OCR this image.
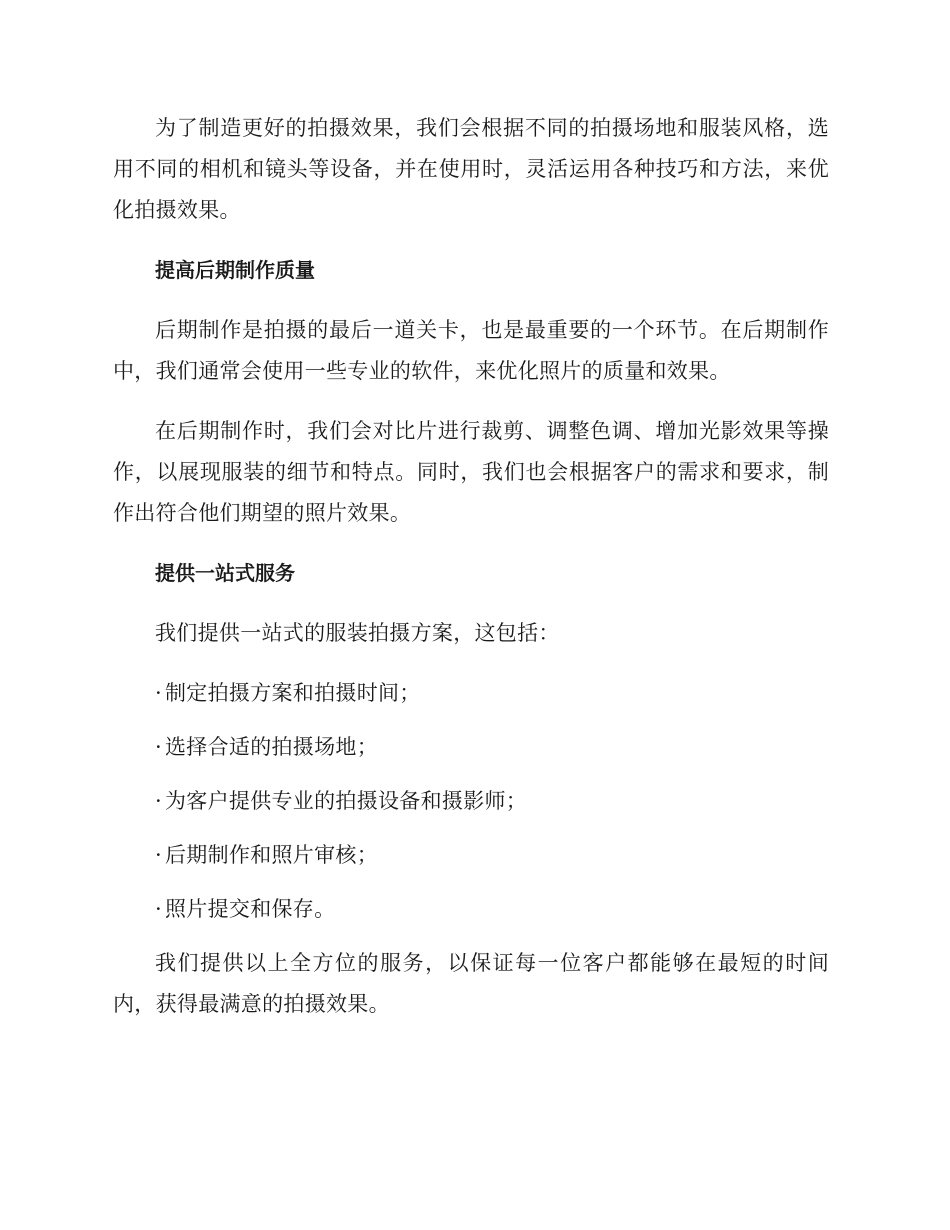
为了制造更好的拍摄效果，我们会根据不同的拍摄场地和服装风格，选用不同的相机和镜头等设备，并在使用时，灵活运用各种技巧和方法，来优化拍摄效果。

提高后期制作质量

后期制作是拍摄的最后一道关卡，也是最重要的一个环节。在后期制作中，我们通常会使用一些专业的软件，来优化照片的质量和效果。

在后期制作时，我们会对比片进行裁剪、调整色调、增加光影效果等操作，以展现服装的细节和特点。同时，我们也会根据客户的需求和要求，制作出符合他们期望的照片效果。

提供一站式服务

我们提供一站式的服装拍摄方案，这包括：

· 制定拍摄方案和拍摄时间；
· 选择合适的拍摄场地；
· 为客户提供专业的拍摄设备和摄影师；
· 后期制作和照片审核；
· 照片提交和保存。

我们提供以上全方位的服务，以保证每一位客户都能够在最短的时间内，获得最满意的拍摄效果。
